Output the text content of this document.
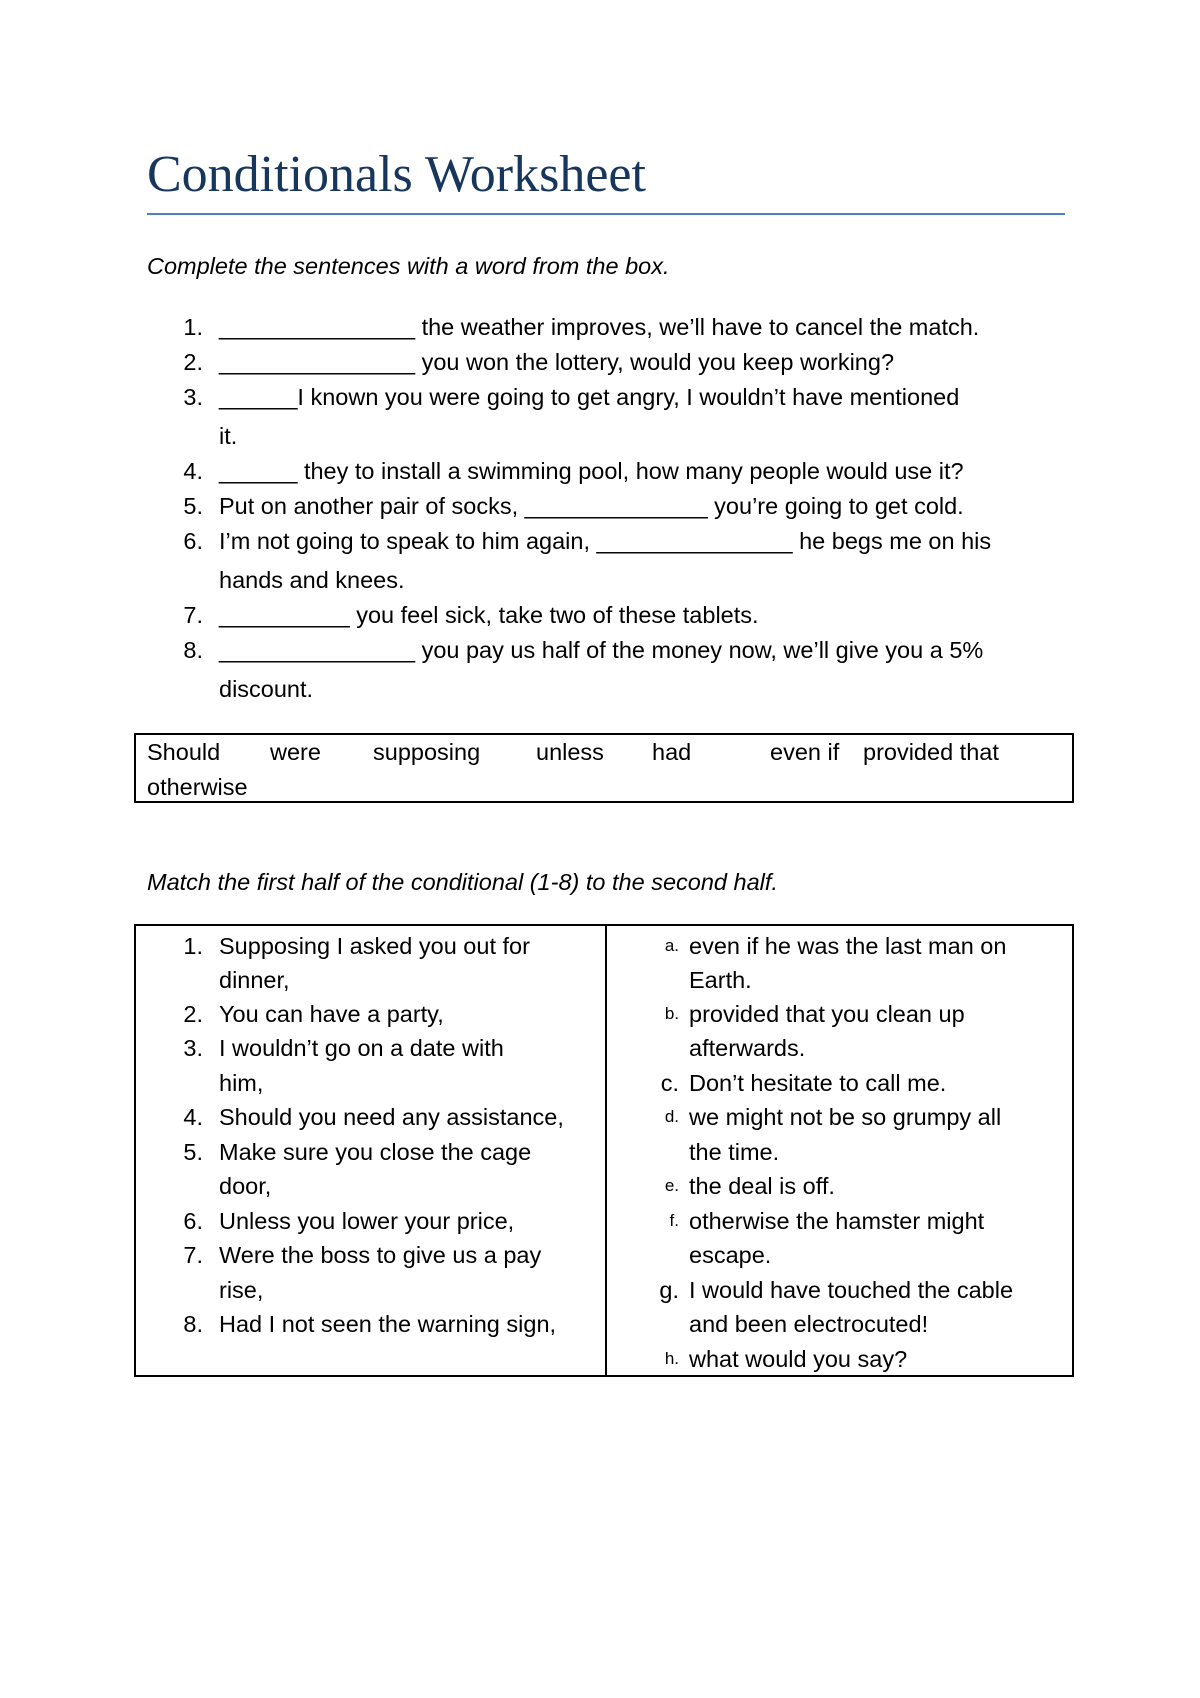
Conditionals Worksheet

Complete the sentences with a word from the box.

1. _______________ the weather improves, we’ll have to cancel the match.
2. _______________ you won the lottery, would you keep working?
3. ______I known you were going to get angry, I wouldn’t have mentioned
it.
4. ______ they to install a swimming pool, how many people would use it?
5. Put on another pair of socks, ______________ you’re going to get cold.
6. I’m not going to speak to him again, _______________ he begs me on his
hands and knees.
7. __________ you feel sick, take two of these tablets.
8. _______________ you pay us half of the money now, we’ll give you a 5%
discount.
Should were supposing unless had	even if provided that
otherwise

Match the first half of the conditional (1-8) to the second half.

1. Supposing I asked you out for
dinner,
2. You can have a party,
3. I wouldn’t go on a date with
him,
4. Should you need any assistance,
5. Make sure you close the cage
door,
6. Unless you lower your price,
7. Were the boss to give us a pay
rise,
8. Had I not seen the warning sign,
a. even if he was the last man on
Earth.
b. provided that you clean up
afterwards.
c. Don’t hesitate to call me.
d. we might not be so grumpy all
the time.
e. the deal is off.
f. otherwise the hamster might
escape.
g. I would have touched the cable
and been electrocuted!
h. what would you say?
